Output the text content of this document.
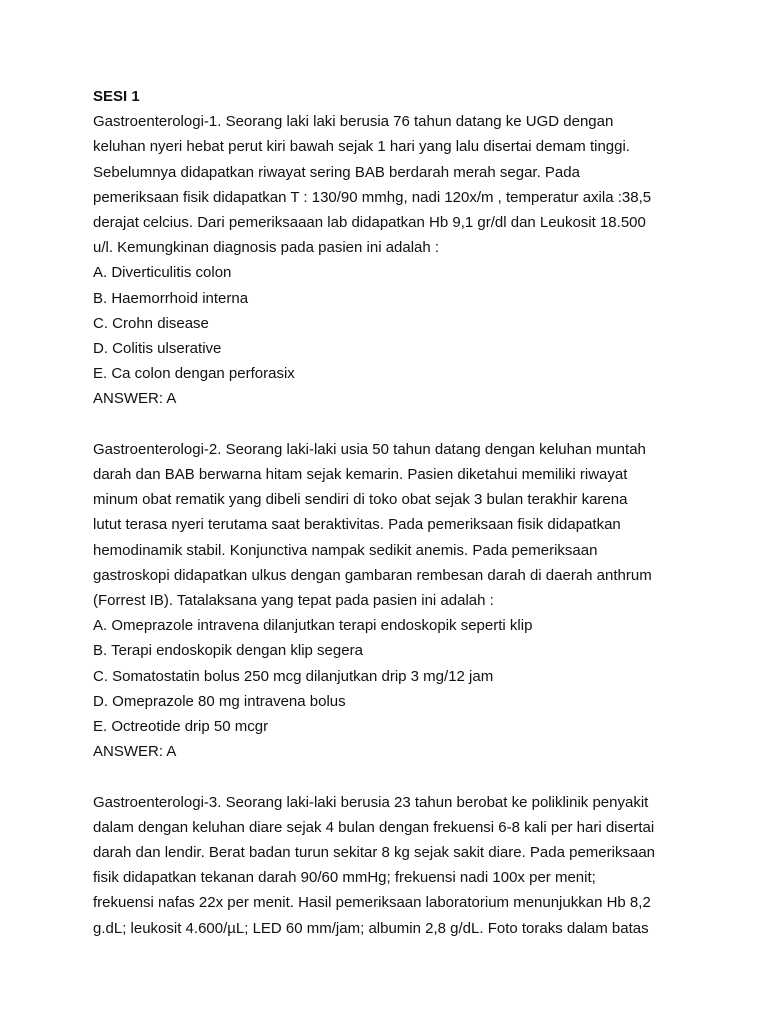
SESI 1
Gastroenterologi-1. Seorang laki laki berusia 76 tahun datang ke UGD dengan
keluhan nyeri hebat perut kiri bawah sejak 1 hari yang lalu disertai demam tinggi.
Sebelumnya didapatkan riwayat sering BAB berdarah merah segar. Pada
pemeriksaan fisik didapatkan T : 130/90 mmhg, nadi 120x/m , temperatur axila :38,5
derajat celcius. Dari pemeriksaaan lab didapatkan Hb 9,1 gr/dl dan Leukosit 18.500
u/l. Kemungkinan diagnosis pada pasien ini adalah :
A. Diverticulitis colon
B. Haemorrhoid interna
C. Crohn disease
D. Colitis ulserative
E. Ca colon dengan perforasix
ANSWER: A
Gastroenterologi-2. Seorang laki-laki usia 50 tahun datang dengan keluhan muntah
darah dan BAB berwarna hitam sejak kemarin. Pasien diketahui memiliki riwayat
minum obat rematik yang dibeli sendiri di toko obat sejak 3 bulan terakhir karena
lutut terasa nyeri terutama saat beraktivitas. Pada pemeriksaan fisik didapatkan
hemodinamik stabil. Konjunctiva nampak sedikit anemis. Pada pemeriksaan
gastroskopi didapatkan ulkus dengan gambaran rembesan darah di daerah anthrum
(Forrest IB). Tatalaksana yang tepat pada pasien ini adalah :
A. Omeprazole intravena dilanjutkan terapi endoskopik seperti klip
B. Terapi endoskopik dengan klip segera
C. Somatostatin bolus 250 mcg dilanjutkan drip 3 mg/12 jam
D. Omeprazole 80 mg intravena bolus
E. Octreotide drip 50 mcgr
ANSWER: A
Gastroenterologi-3. Seorang laki-laki berusia 23 tahun berobat ke poliklinik penyakit
dalam dengan keluhan diare sejak 4 bulan dengan frekuensi 6-8 kali per hari disertai
darah dan lendir. Berat badan turun sekitar 8 kg sejak sakit diare. Pada pemeriksaan
fisik didapatkan tekanan darah 90/60 mmHg; frekuensi nadi 100x per menit;
frekuensi nafas 22x per menit. Hasil pemeriksaan laboratorium menunjukkan Hb 8,2
g.dL; leukosit 4.600/µL; LED 60 mm/jam; albumin 2,8 g/dL. Foto toraks dalam batas
